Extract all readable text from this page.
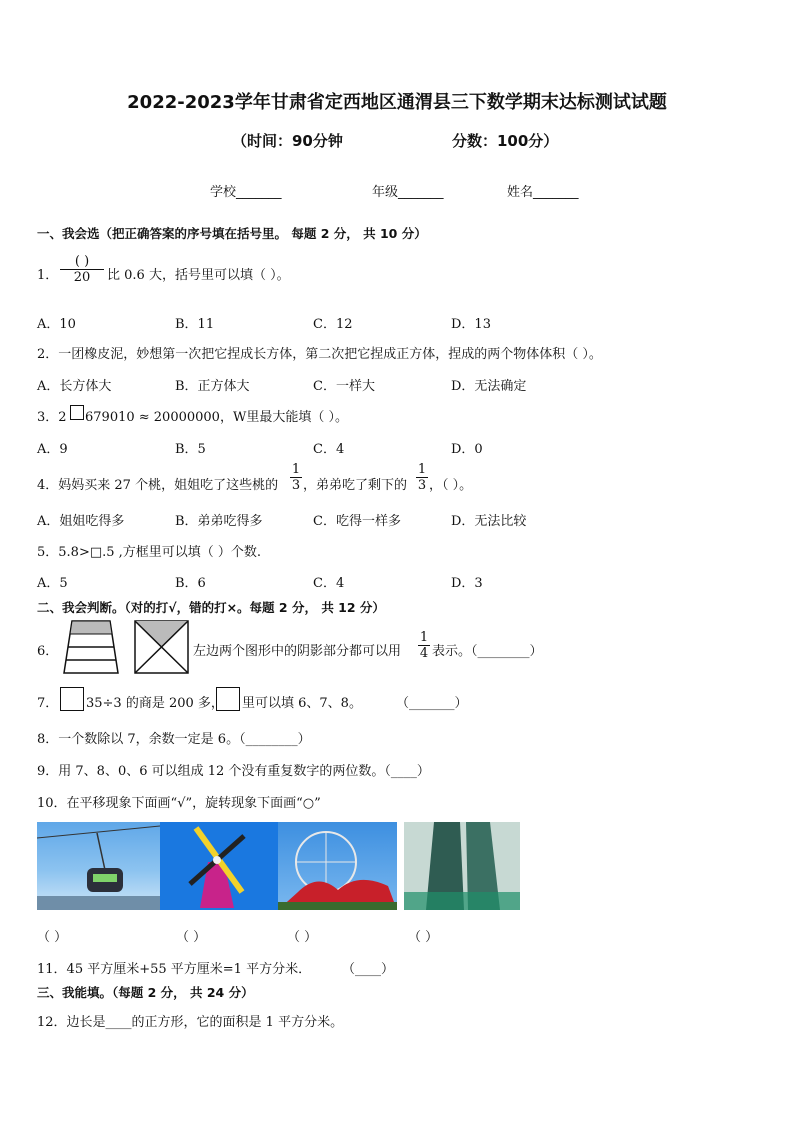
2022-2023学年甘肃省定西地区通渭县三下数学期末达标测试试题
（时间：90分钟	分数：100分）
学校_______	年级_______	姓名_______
一、我会选（把正确答案的序号填在括号里。 每题 2 分， 共 10 分）
1．
( )
20	比 0.6 大，括号里可以填（ ）。
A．10	B．11	C．12	D．13
2．一团橡皮泥，妙想第一次把它捏成长方体，第二次把它捏成正方体，捏成的两个物体体积（ ）。
A．长方体大	B．正方体大	C．一样大	D．无法确定
3．2 679010 ≈ 20000000，W里最大能填（ ）。
A．9	B．5	C．4	D．0
4．妈妈买来 27 个桃，姐姐吃了这些桃的 $\frac{1}{3}$ ，弟弟吃了剩下的 $\frac{1}{3}$ ，（ ）。
A．姐姐吃得多	B．弟弟吃得多	C．吃得一样多	D．无法比较
5．5.8>□.5 ,方框里可以填（ ）个数.
A．5	B．6	C．4	D．3
二、我会判断。（对的打√，错的打×。每题 2 分， 共 12 分）
6．	左边两个图形中的阴影部分都可以用 $\frac{1}{4}$ 表示。（________）
7． 35÷3 的商是 200 多， 里可以填 6、7、8。	（_______）
8．一个数除以 7，余数一定是 6。（________）
9．用 7、8、0、6 可以组成 12 个没有重复数字的两位数。（____）
10．在平移现象下面画“√”，旋转现象下面画“○”
（ ）	（ ）	（ ）	（ ）
11．45 平方厘米+55 平方厘米=1 平方分米． （____）
三、我能填。（每题 2 分， 共 24 分）
12．边长是____的正方形，它的面积是 1 平方分米。
